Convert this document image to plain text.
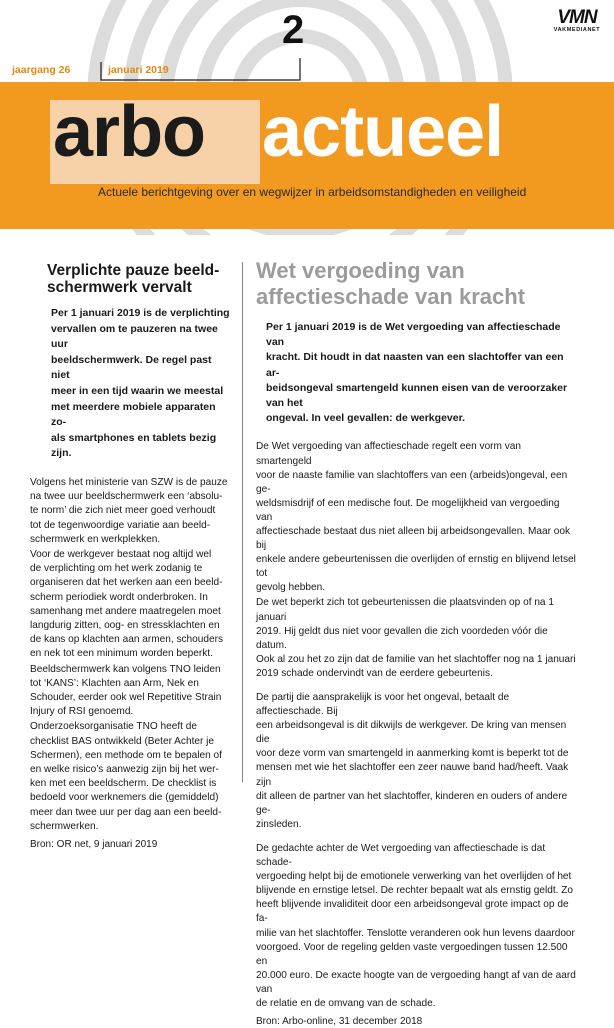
2	VMN
VAKMEDIANET
jaargang 26	januari 2019
arbo actueel
Actuele berichtgeving over en wegwijzer in arbeidsomstandigheden en veiligheid
Verplichte pauze beeld-
schermwerk vervalt
Per 1 januari 2019 is de verplichting
vervallen om te pauzeren na twee uur
beeldschermwerk. De regel past niet
meer in een tijd waarin we meestal
met meerdere mobiele apparaten zo-
als smartphones en tablets bezig zijn.
Volgens het ministerie van SZW is de pauze
na twee uur beeldschermwerk een ‘absolu-
te norm’ die zich niet meer goed verhoudt
tot de tegenwoordige variatie aan beeld-
schermwerk en werkplekken.
Voor de werkgever bestaat nog altijd wel
de verplichting om het werk zodanig te
organiseren dat het werken aan een beeld-
scherm periodiek wordt onderbroken. In
samenhang met andere maatregelen moet
langdurig zitten, oog- en stressklachten en
de kans op klachten aan armen, schouders
en nek tot een minimum worden beperkt.
Beeldschermwerk kan volgens TNO leiden
tot ‘KANS’: Klachten aan Arm, Nek en
Schouder, eerder ook wel Repetitive Strain
Injury of RSI genoemd.
Onderzoeksorganisatie TNO heeft de
checklist BAS ontwikkeld (Beter Achter je
Schermen), een methode om te bepalen of
en welke risico’s aanwezig zijn bij het wer-
ken met een beeldscherm. De checklist is
bedoeld voor werknemers die (gemiddeld)
meer dan twee uur per dag aan een beeld-
schermwerken.
Bron: OR net, 9 januari 2019
Wet vergoeding van
affectieschade van kracht
Per 1 januari 2019 is de Wet vergoeding van affectieschade van
kracht. Dit houdt in dat naasten van een slachtoffer van een ar-
beidsongeval smartengeld kunnen eisen van de veroorzaker van het
ongeval. In veel gevallen: de werkgever.
De Wet vergoeding van affectieschade regelt een vorm van smartengeld
voor de naaste familie van slachtoffers van een (arbeids)ongeval, een ge-
weldsmisdrijf of een medische fout. De mogelijkheid van vergoeding van
affectieschade bestaat dus niet alleen bij arbeidsongevallen. Maar ook bij
enkele andere gebeurtenissen die overlijden of ernstig en blijvend letsel tot
gevolg hebben.
De wet beperkt zich tot gebeurtenissen die plaatsvinden op of na 1 januari
2019. Hij geldt dus niet voor gevallen die zich voordeden vóór die datum.
Ook al zou het zo zijn dat de familie van het slachtoffer nog na 1 januari
2019 schade ondervindt van de eerdere gebeurtenis.
De partij die aansprakelijk is voor het ongeval, betaalt de affectieschade. Bij
een arbeidsongeval is dit dikwijls de werkgever. De kring van mensen die
voor deze vorm van smartengeld in aanmerking komt is beperkt tot de
mensen met wie het slachtoffer een zeer nauwe band had/heeft. Vaak zijn
dit alleen de partner van het slachtoffer, kinderen en ouders of andere ge-
zinsleden.
De gedachte achter de Wet vergoeding van affectieschade is dat schade-
vergoeding helpt bij de emotionele verwerking van het overlijden of het
blijvende en ernstige letsel. De rechter bepaalt wat als ernstig geldt. Zo
heeft blijvende invaliditeit door een arbeidsongeval grote impact op de fa-
milie van het slachtoffer. Tenslotte veranderen ook hun levens daardoor
voorgoed. Voor de regeling gelden vaste vergoedingen tussen 12.500 en
20.000 euro. De exacte hoogte van de vergoeding hangt af van de aard van
de relatie en de omvang van de schade.
Bron: Arbo-online, 31 december 2018
